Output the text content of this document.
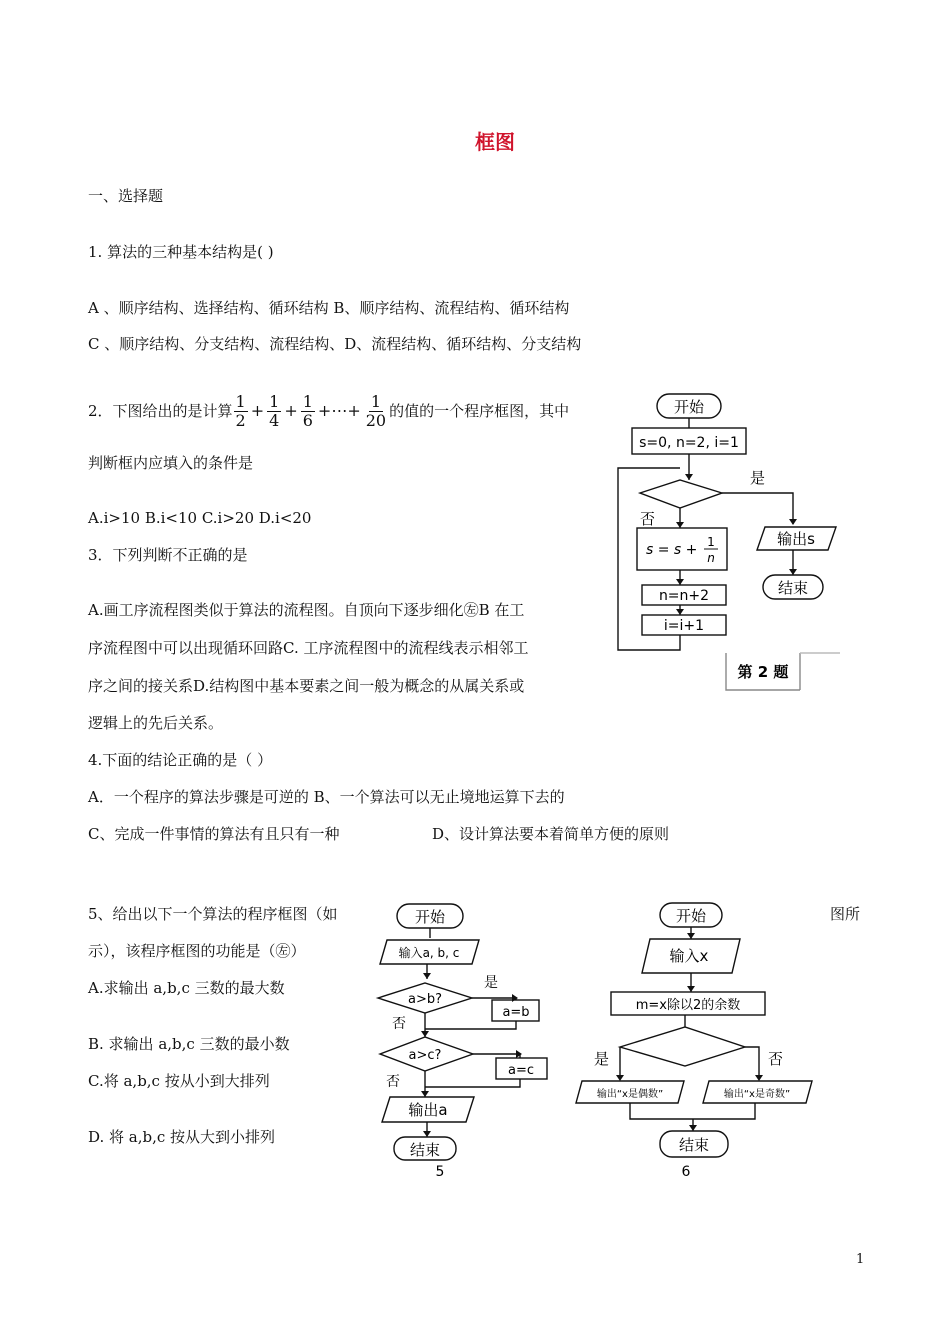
框图
一、选择题
1. 算法的三种基本结构是( )
A 、顺序结构、选择结构、循环结构 B、顺序结构、流程结构、循环结构
C 、顺序结构、分支结构、流程结构、D、流程结构、循环结构、分支结构
2．下图给出的是计算 $\frac{1}{2} + \frac{1}{4} + \frac{1}{6}$ +⋯+ $\frac{1}{20}$ 的值的一个程序框图，其中
判断框内应填入的条件是
A.i>10 B.i<10 C.i>20 D.i<20
3．下列判断不正确的是
A.画工序流程图类似于算法的流程图。自顶向下逐步细化㊧B 在工
序流程图中可以出现循环回路C. 工序流程图中的流程线表示相邻工
序之间的接关系D.结构图中基本要素之间一般为概念的从属关系或
逻辑上的先后关系。
4.下面的结论正确的是（ ）
A．一个程序的算法步骤是可逆的 B、一个算法可以无止境地运算下去的
C、完成一件事情的算法有且只有一种	D、设计算法要本着简单方便的原则
5、给出以下一个算法的程序框图（如	图所
示），该程序框图的功能是（㊧）
A.求输出 a,b,c 三数的最大数
B. 求输出 a,b,c 三数的最小数
C.将 a,b,c 按从小到大排列
D. 将 a,b,c 按从大到小排列
开始
s=0, n=2, i=1
是
否
s = s + 1
n
n=n+2
i=i+1
输出s
结束
第 2 题
开始
输入a, b, c
a>b?
是
a=b
否
a>c?
a=c
否
输出a
结束
5
开始
输入x
m=x除以2的余数
是	否
输出“x是偶数”	输出“x是奇数”
结束
6
1
